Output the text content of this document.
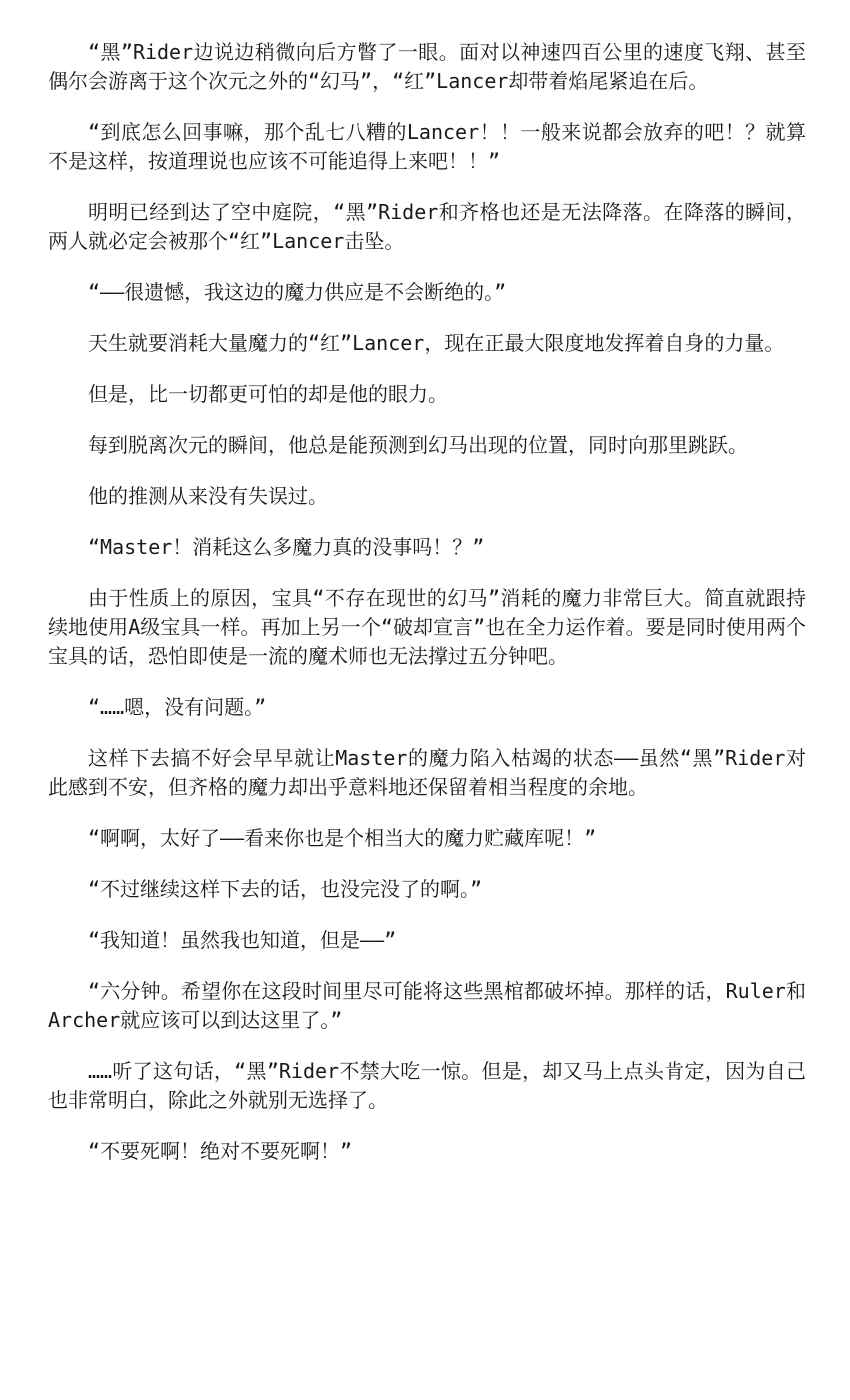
“黑”Rider边说边稍微向后方瞥了一眼。面对以神速四百公里的速度飞翔、甚至偶尔会游离于这个次元之外的“幻马”，“红”Lancer却带着焰尾紧追在后。

“到底怎么回事嘛，那个乱七八糟的Lancer！！一般来说都会放弃的吧！？就算不是这样，按道理说也应该不可能追得上来吧！！”

明明已经到达了空中庭院，“黑”Rider和齐格也还是无法降落。在降落的瞬间，两人就必定会被那个“红”Lancer击坠。

“——很遗憾，我这边的魔力供应是不会断绝的。”

天生就要消耗大量魔力的“红”Lancer，现在正最大限度地发挥着自身的力量。

但是，比一切都更可怕的却是他的眼力。

每到脱离次元的瞬间，他总是能预测到幻马出现的位置，同时向那里跳跃。

他的推测从来没有失误过。

“Master！消耗这么多魔力真的没事吗！？”

由于性质上的原因，宝具“不存在现世的幻马”消耗的魔力非常巨大。简直就跟持续地使用A级宝具一样。再加上另一个“破却宣言”也在全力运作着。要是同时使用两个宝具的话，恐怕即使是一流的魔术师也无法撑过五分钟吧。

“……嗯，没有问题。”

这样下去搞不好会早早就让Master的魔力陷入枯竭的状态——虽然“黑”Rider对此感到不安，但齐格的魔力却出乎意料地还保留着相当程度的余地。

“啊啊，太好了——看来你也是个相当大的魔力贮藏库呢！”

“不过继续这样下去的话，也没完没了的啊。”

“我知道！虽然我也知道，但是——”

“六分钟。希望你在这段时间里尽可能将这些黑棺都破坏掉。那样的话，Ruler和Archer就应该可以到达这里了。”

……听了这句话，“黑”Rider不禁大吃一惊。但是，却又马上点头肯定，因为自己也非常明白，除此之外就别无选择了。

“不要死啊！绝对不要死啊！”
